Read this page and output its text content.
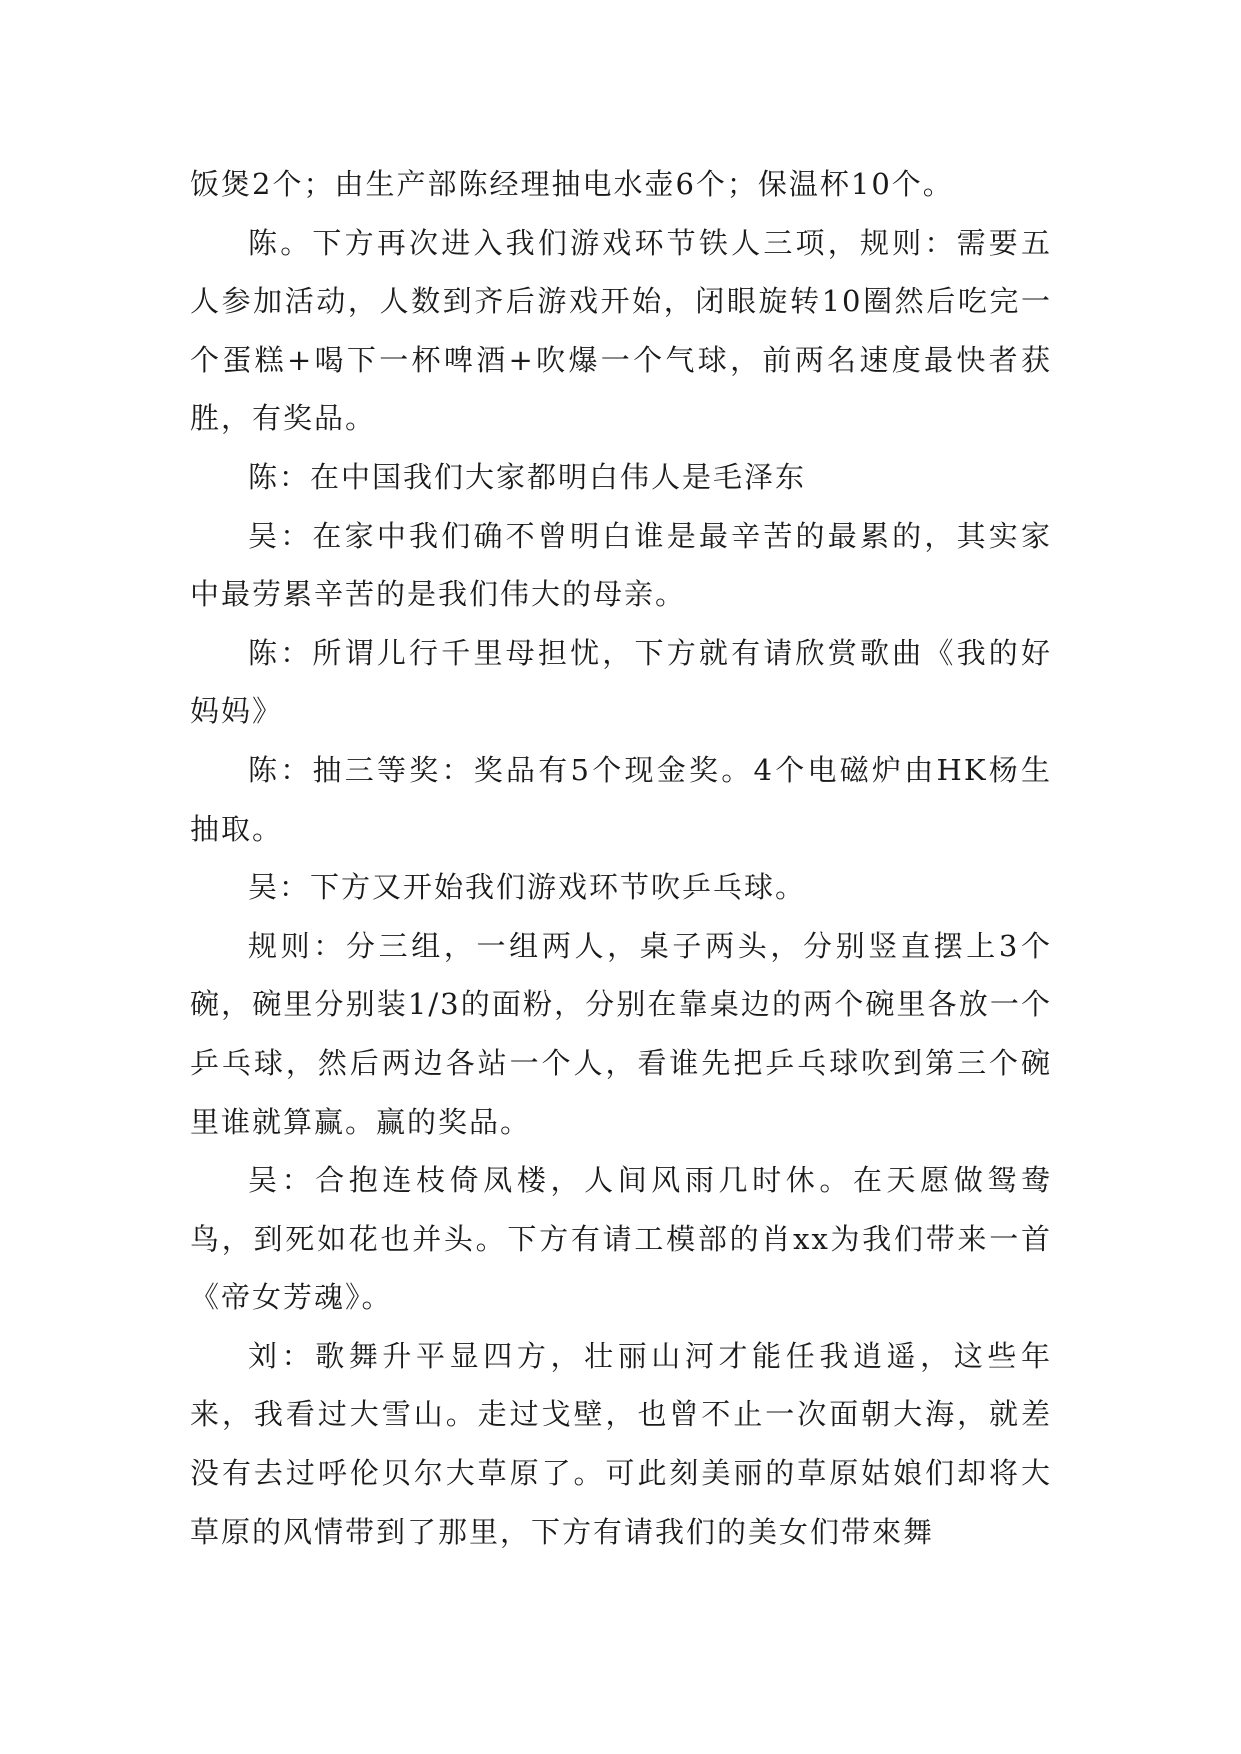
饭煲2个；由生产部陈经理抽电水壶6个；保温杯10个。

陈。下方再次进入我们游戏环节铁人三项，规则：需要五人参加活动，人数到齐后游戏开始，闭眼旋转10圈然后吃完一个蛋糕+喝下一杯啤酒+吹爆一个气球，前两名速度最快者获胜，有奖品。

陈：在中国我们大家都明白伟人是毛泽东

吴：在家中我们确不曾明白谁是最辛苦的最累的，其实家中最劳累辛苦的是我们伟大的母亲。

陈：所谓儿行千里母担忧，下方就有请欣赏歌曲《我的好妈妈》

陈：抽三等奖：奖品有5个现金奖。4个电磁炉由HK杨生抽取。

吴：下方又开始我们游戏环节吹乒乓球。

规则：分三组，一组两人，桌子两头，分别竖直摆上3个碗，碗里分别装1/3的面粉，分别在靠桌边的两个碗里各放一个乒乓球，然后两边各站一个人，看谁先把乒乓球吹到第三个碗里谁就算赢。赢的奖品。

吴：合抱连枝倚凤楼，人间风雨几时休。在天愿做鸳鸯鸟，到死如花也并头。下方有请工模部的肖xx为我们带来一首《帝女芳魂》。

刘：歌舞升平显四方，壮丽山河才能任我逍遥，这些年来，我看过大雪山。走过戈壁，也曾不止一次面朝大海，就差没有去过呼伦贝尔大草原了。可此刻美丽的草原姑娘们却将大草原的风情带到了那里，下方有请我们的美女们带來舞
